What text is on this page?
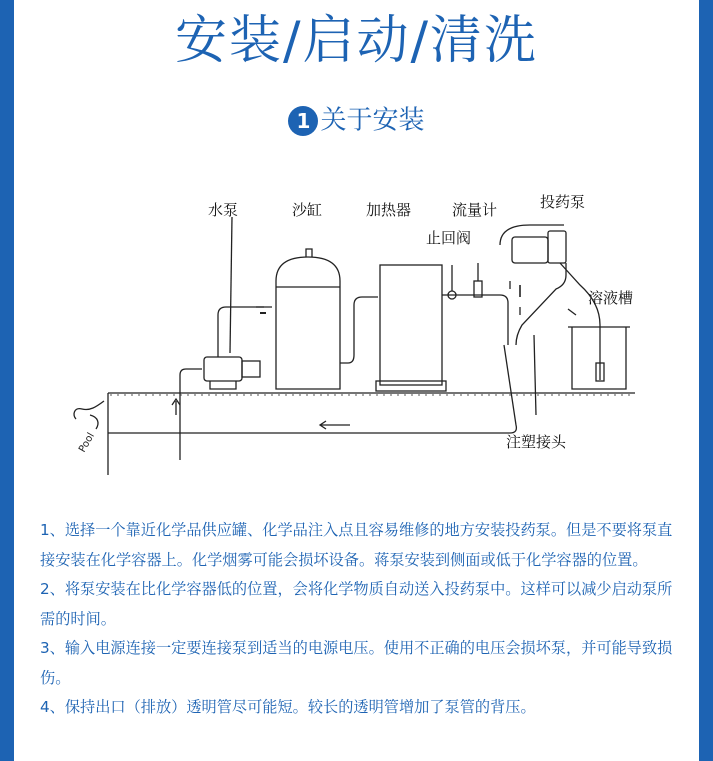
安装/启动/清洗
1 关于安装
水泵	沙缸	加热器	流量计
止回阀
投药泵
溶液槽
注塑接头
Pool

1、选择一个靠近化学品供应罐、化学品注入点且容易维修的地方安装投药泵。但是不要将泵直接安装在化学容器上。化学烟雾可能会损坏设备。蒋泵安装到侧面或低于化学容器的位置。

2、将泵安装在比化学容器低的位置，会将化学物质自动送入投药泵中。这样可以减少启动泵所需的时间。

3、输入电源连接一定要连接泵到适当的电源电压。使用不正确的电压会损坏泵，并可能导致损伤。

4、保持出口（排放）透明管尽可能短。较长的透明管增加了泵管的背压。
